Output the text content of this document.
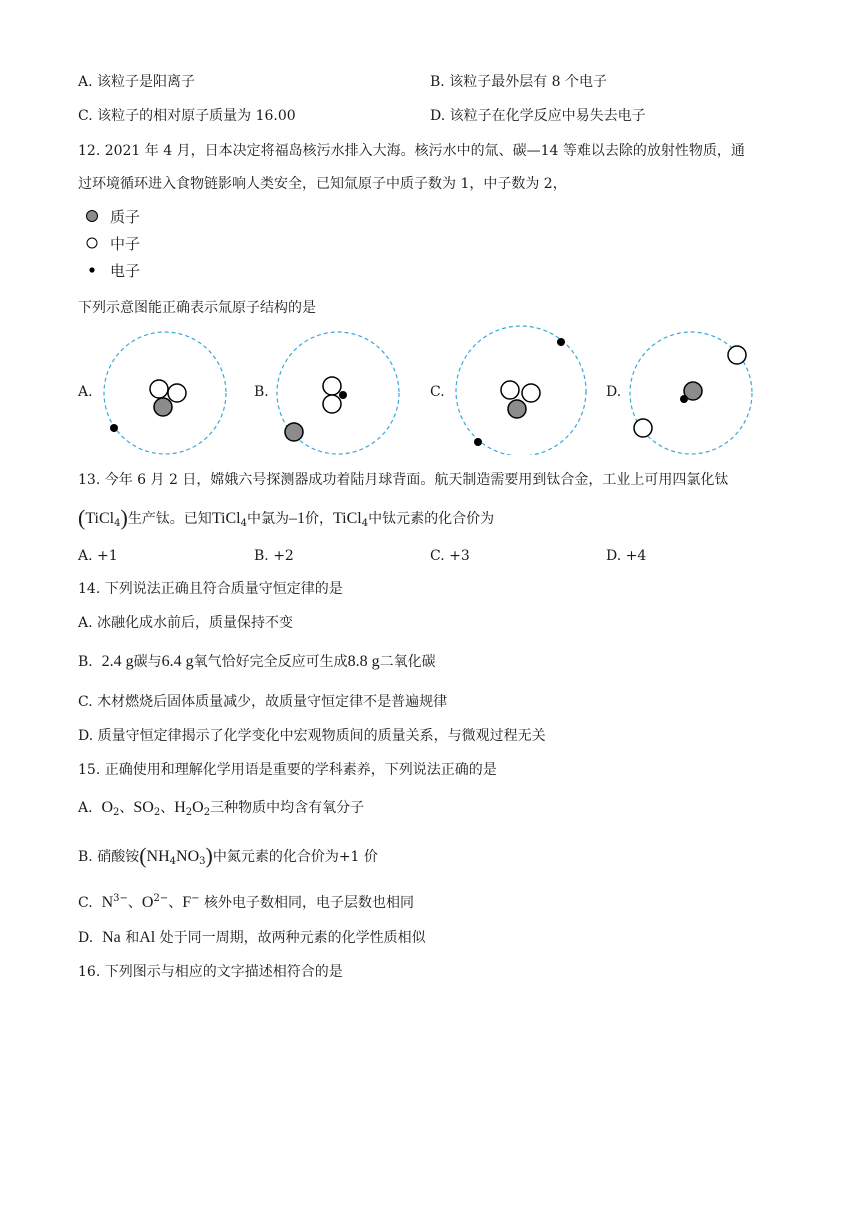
A. 该粒子是阳离子	B. 该粒子最外层有 8 个电子
C. 该粒子的相对原子质量为 16.00	D. 该粒子在化学反应中易失去电子
12. 2021 年 4 月，日本决定将福岛核污水排入大海。核污水中的氚、碳—14 等难以去除的放射性物质，通
过环境循环进入食物链影响人类安全，已知氚原子中质子数为 1，中子数为 2，
质子
中子
电子
下列示意图能正确表示氚原子结构的是
A.	B.	C.	D.
13. 今年 6 月 2 日，嫦娥六号探测器成功着陆月球背面。航天制造需要用到钛合金，工业上可用四氯化钛
(TiCl$_4$)生产钛。已知TiCl$_4$中氯为–1价，TiCl$_4$中钛元素的化合价为
A. +1	B. +2	C. +3	D. +4
14. 下列说法正确且符合质量守恒定律的是
A. 冰融化成水前后，质量保持不变
B. 2.4 g碳与6.4 g氧气恰好完全反应可生成8.8 g二氧化碳
C. 木材燃烧后固体质量减少，故质量守恒定律不是普遍规律
D. 质量守恒定律揭示了化学变化中宏观物质间的质量关系，与微观过程无关
15. 正确使用和理解化学用语是重要的学科素养，下列说法正确的是
A. $O_2$、$SO_2$、$H_2O_2$三种物质中均含有氧分子
B. 硝酸铵$(NH_4NO_3)$中氮元素的化合价为+1 价
C. $N^{3-}$、$O^{2-}$、F− 核外电子数相同，电子层数也相同
D. Na 和Al 处于同一周期，故两种元素的化学性质相似
16. 下列图示与相应的文字描述相符合的是
